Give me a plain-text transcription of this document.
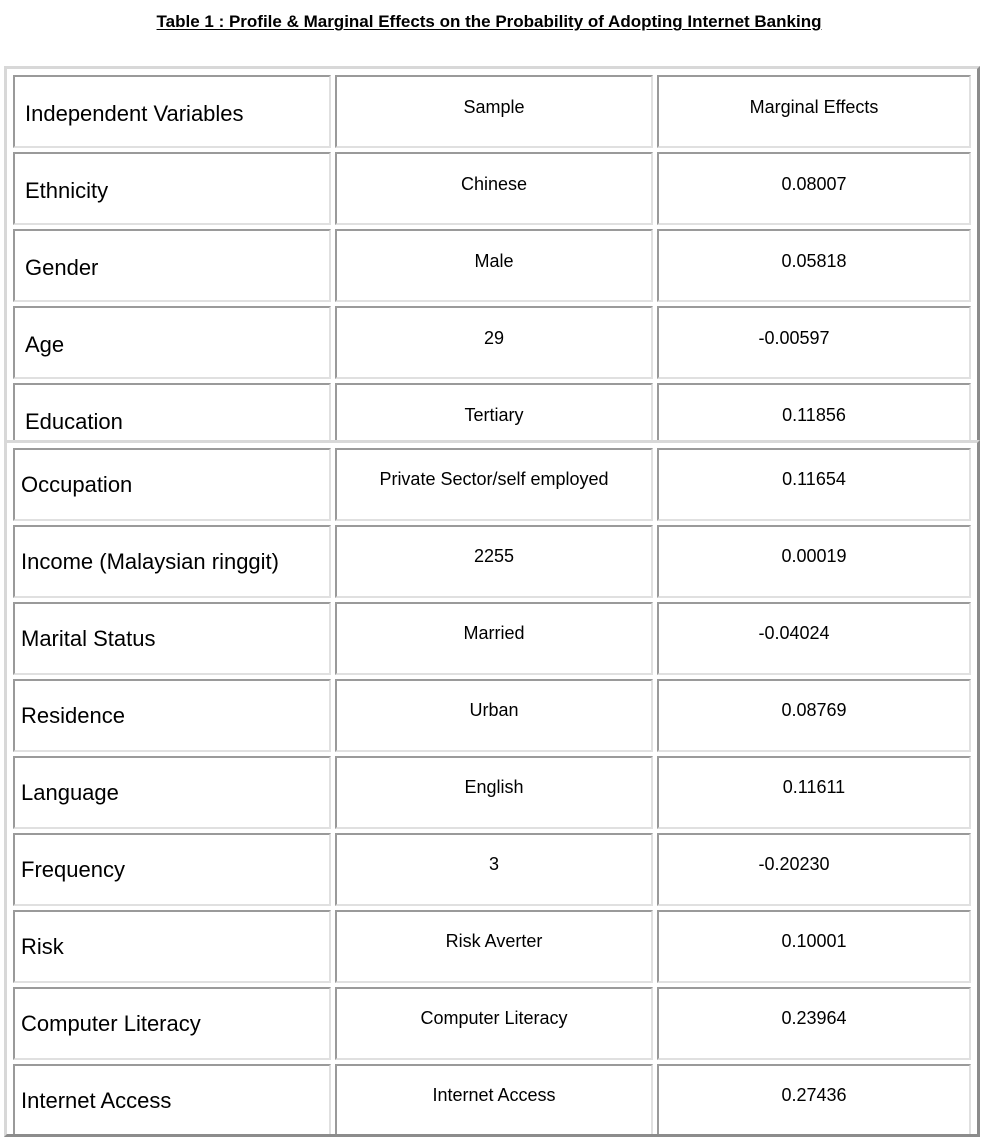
Table 1 : Profile & Marginal Effects on the Probability of Adopting Internet Banking
Independent Variables	Sample	Marginal Effects
Ethnicity	Chinese	0.08007
Gender	Male	0.05818
Age	29	-0.00597
Education	Tertiary	0.11856
Occupation	Private Sector/self employed	0.11654
Income (Malaysian ringgit)	2255	0.00019
Marital Status	Married	-0.04024
Residence	Urban	0.08769
Language	English	0.11611
Frequency	3	-0.20230
Risk	Risk Averter	0.10001
Computer Literacy	Computer Literacy	0.23964
Internet Access	Internet Access	0.27436
